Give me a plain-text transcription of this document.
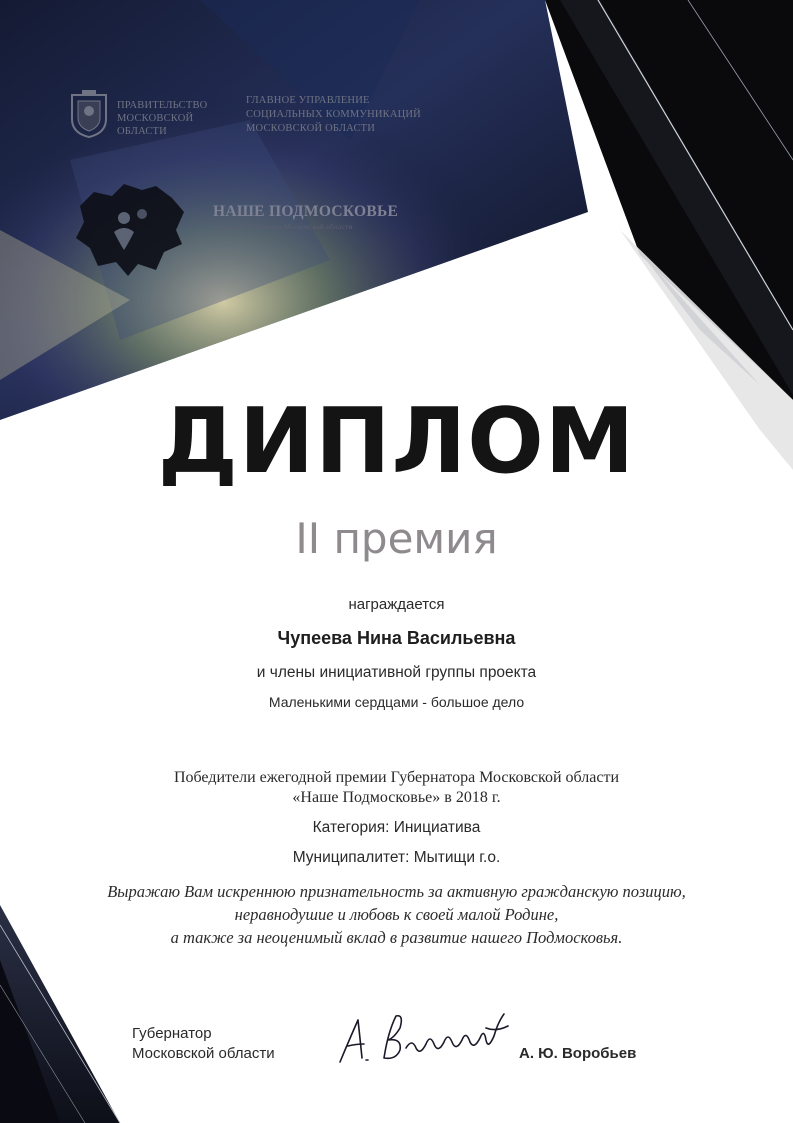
ПРАВИТЕЛЬСТВО
МОСКОВСКОЙ
ОБЛАСТИ
ГЛАВНОЕ УПРАВЛЕНИЕ
СОЦИАЛЬНЫХ КОММУНИКАЦИЙ
МОСКОВСКОЙ ОБЛАСТИ
НАШЕ ПОДМОСКОВЬЕ
премия Губернатора Московской области
ДИПЛОМ
II премия
награждается
Чупеева Нина Васильевна
и члены инициативной группы проекта
Маленькими сердцами - большое дело
Победители ежегодной премии Губернатора Московской области
«Наше Подмосковье» в 2018 г.
Категория: Инициатива
Муниципалитет: Мытищи г.о.
Выражаю Вам искреннюю признательность за активную гражданскую позицию,
неравнодушие и любовь к своей малой Родине,
а также за неоценимый вклад в развитие нашего Подмосковья.
Губернатор
Московской области	А. Ю. Воробьев
